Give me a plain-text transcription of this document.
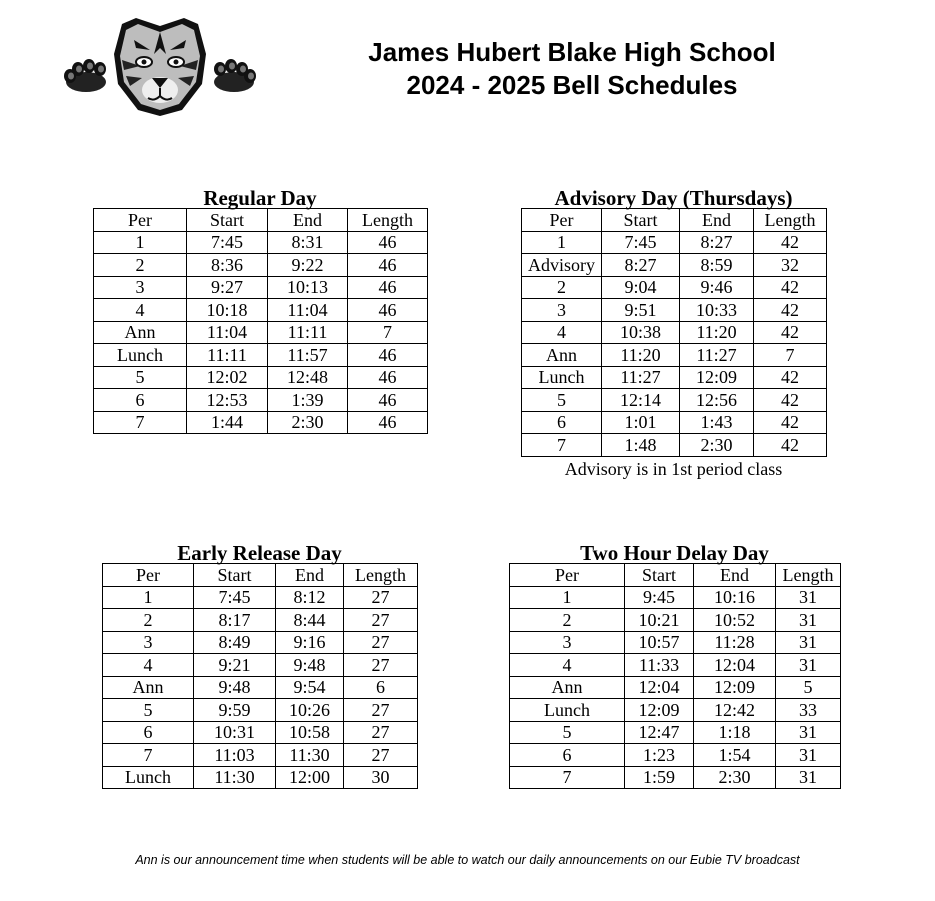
James Hubert Blake High School
2024 - 2025 Bell Schedules
Regular Day
Per	Start	End	Length
1	7:45	8:31	46
2	8:36	9:22	46
3	9:27	10:13	46
4	10:18	11:04	46
Ann	11:04	11:11	7
Lunch	11:11	11:57	46
5	12:02	12:48	46
6	12:53	1:39	46
7	1:44	2:30	46
Advisory Day (Thursdays)
Per	Start	End	Length
1	7:45	8:27	42
Advisory	8:27	8:59	32
2	9:04	9:46	42
3	9:51	10:33	42
4	10:38	11:20	42
Ann	11:20	11:27	7
Lunch	11:27	12:09	42
5	12:14	12:56	42
6	1:01	1:43	42
7	1:48	2:30	42
Advisory is in 1st period class
Early Release Day
Per	Start	End	Length
1	7:45	8:12	27
2	8:17	8:44	27
3	8:49	9:16	27
4	9:21	9:48	27
Ann	9:48	9:54	6
5	9:59	10:26	27
6	10:31	10:58	27
7	11:03	11:30	27
Lunch	11:30	12:00	30
Two Hour Delay Day
Per	Start	End	Length
1	9:45	10:16	31
2	10:21	10:52	31
3	10:57	11:28	31
4	11:33	12:04	31
Ann	12:04	12:09	5
Lunch	12:09	12:42	33
5	12:47	1:18	31
6	1:23	1:54	31
7	1:59	2:30	31
Ann is our announcement time when students will be able to watch our daily announcements on our Eubie TV broadcast
